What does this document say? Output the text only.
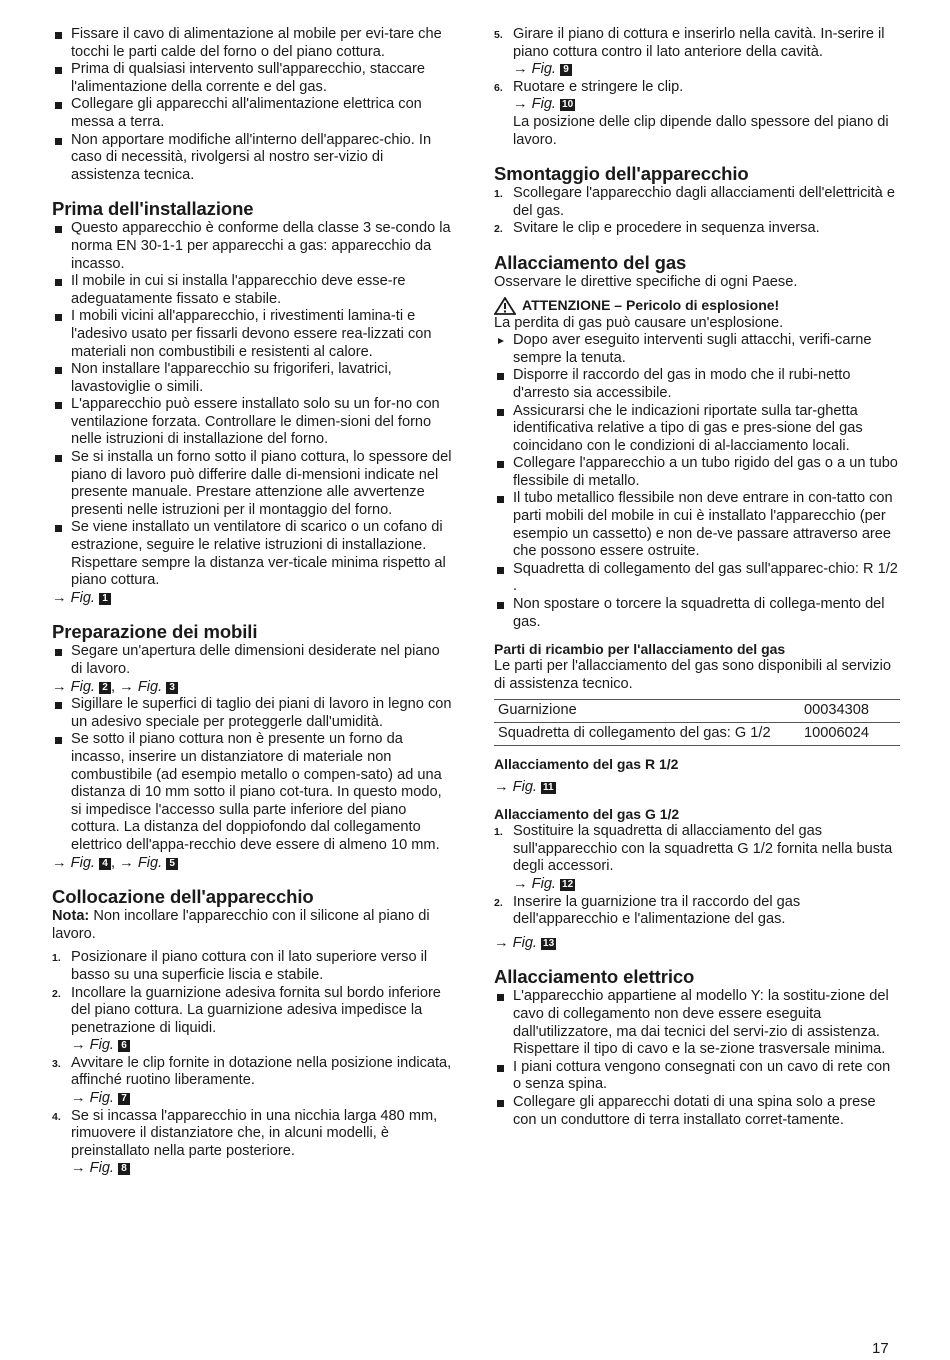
Fissare il cavo di alimentazione al mobile per evi-tare che tocchi le parti calde del forno o del piano cottura.
Prima di qualsiasi intervento sull'apparecchio, staccare l'alimentazione della corrente e del gas.
Collegare gli apparecchi all'alimentazione elettrica con messa a terra.
Non apportare modifiche all'interno dell'apparec-chio. In caso di necessità, rivolgersi al nostro ser-vizio di assistenza tecnica.
Prima dell'installazione
Questo apparecchio è conforme della classe 3 se-condo la norma EN 30-1-1 per apparecchi a gas: apparecchio da incasso.
Il mobile in cui si installa l'apparecchio deve esse-re adeguatamente fissato e stabile.
I mobili vicini all'apparecchio, i rivestimenti lamina-ti e l'adesivo usato per fissarli devono essere rea-lizzati con materiali non combustibili e resistenti al calore.
Non installare l'apparecchio su frigoriferi, lavatrici, lavastoviglie o simili.
L'apparecchio può essere installato solo su un for-no con ventilazione forzata. Controllare le dimen-sioni del forno nelle istruzioni di installazione del forno.
Se si installa un forno sotto il piano cottura, lo spessore del piano di lavoro può differire dalle di-mensioni indicate nel presente manuale. Prestare attenzione alle avvertenze presenti nelle istruzioni per il montaggio del forno.
Se viene installato un ventilatore di scarico o un cofano di estrazione, seguire le relative istruzioni di installazione. Rispettare sempre la distanza ver-ticale minima rispetto al piano cottura.
→ Fig. 1
Preparazione dei mobili
Segare un'apertura delle dimensioni desiderate nel piano di lavoro.
→ Fig. 2 , → Fig. 3
Sigillare le superfici di taglio dei piani di lavoro in legno con un adesivo speciale per proteggerle dall'umidità.
Se sotto il piano cottura non è presente un forno da incasso, inserire un distanziatore di materiale non combustibile (ad esempio metallo o compen-sato) ad una distanza di 10 mm sotto il piano cot-tura. In questo modo, si impedisce l'accesso sulla parte inferiore del piano cottura. La distanza del doppiofondo dal collegamento elettrico dell'appa-recchio deve essere di almeno 10 mm.
→ Fig. 4 , → Fig. 5
Collocazione dell'apparecchio

Nota: Non incollare l'apparecchio con il silicone al piano di lavoro.

1. Posizionare il piano cottura con il lato superiore verso il basso su una superficie liscia e stabile.
2. Incollare la guarnizione adesiva fornita sul bordo inferiore del piano cottura. La guarnizione adesiva impedisce la penetrazione di liquidi.
→ Fig. 6
3. Avvitare le clip fornite in dotazione nella posizione indicata, affinché ruotino liberamente.
→ Fig. 7
4. Se si incassa l'apparecchio in una nicchia larga 480 mm, rimuovere il distanziatore che, in alcuni modelli, è preinstallato nella parte posteriore.
→ Fig. 8
5. Girare il piano di cottura e inserirlo nella cavità. In-serire il piano cottura contro il lato anteriore della cavità.
→ Fig. 9
6. Ruotare e stringere le clip.
→ Fig. 10
La posizione delle clip dipende dallo spessore del piano di lavoro.
Smontaggio dell'apparecchio
1. Scollegare l'apparecchio dagli allacciamenti dell'elettricità e del gas.
2. Svitare le clip e procedere in sequenza inversa.
Allacciamento del gas

Osservare le direttive specifiche di ogni Paese.

ATTENZIONE – Pericolo di esplosione!

La perdita di gas può causare un'esplosione.

Dopo aver eseguito interventi sugli attacchi, verifi-carne sempre la tenuta.
Disporre il raccordo del gas in modo che il rubi-netto d'arresto sia accessibile.
Assicurarsi che le indicazioni riportate sulla tar-ghetta identificativa relative a tipo di gas e pres-sione del gas coincidano con le condizioni di al-lacciamento locali.
Collegare l'apparecchio a un tubo rigido del gas o a un tubo flessibile di metallo.
Il tubo metallico flessibile non deve entrare in con-tatto con parti mobili del mobile in cui è installato l'apparecchio (per esempio un cassetto) e non de-ve passare attraverso aree che possono essere ostruite.
Squadretta di collegamento del gas sull'apparec-chio: R 1/2 .
Non spostare o torcere la squadretta di collega-mento del gas.
Parti di ricambio per l'allacciamento del gas

Le parti per l'allacciamento del gas sono disponibili al servizio di assistenza tecnico.

Guarnizione	00034308
Squadretta di collegamento del gas: G 1/2	10006024
Allacciamento del gas R 1/2
→ Fig. 11
Allacciamento del gas G 1/2
1. Sostituire la squadretta di allacciamento del gas sull'apparecchio con la squadretta G 1/2 fornita nella busta degli accessori.
→ Fig. 12
2. Inserire la guarnizione tra il raccordo del gas dell'apparecchio e l'alimentazione del gas.
→ Fig. 13
Allacciamento elettrico
L'apparecchio appartiene al modello Y: la sostitu-zione del cavo di collegamento non deve essere eseguita dall'utilizzatore, ma dai tecnici del servi-zio di assistenza. Rispettare il tipo di cavo e la se-zione trasversale minima.
I piani cottura vengono consegnati con un cavo di rete con o senza spina.
Collegare gli apparecchi dotati di una spina solo a prese con un conduttore di terra installato corret-tamente.
17
